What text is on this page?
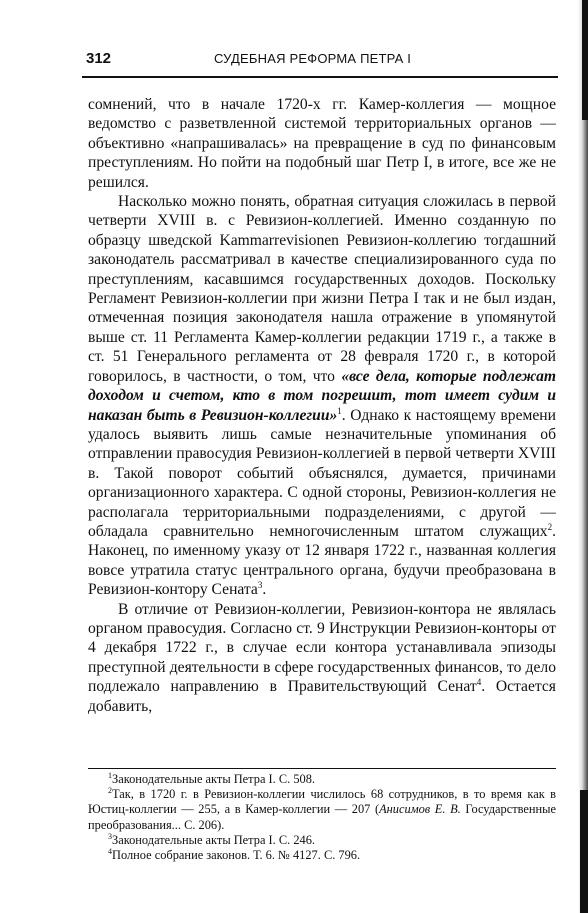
312	СУДЕБНАЯ РЕФОРМА ПЕТРА I

сомнений, что в начале 1720-х гг. Камер-коллегия — мощное ведомство с разветвленной системой территориальных органов — объективно «напрашивалась» на превращение в суд по финансовым преступлениям. Но пойти на подобный шаг Петр I, в итоге, все же не решился.

Насколько можно понять, обратная ситуация сложилась в первой четверти XVIII в. с Ревизион-коллегией. Именно созданную по образцу шведской Kammarrevisionen Ревизион-коллегию тогдашний законодатель рассматривал в качестве специализированного суда по преступлениям, касавшимся государственных доходов. Поскольку Регламент Ревизион-коллегии при жизни Петра I так и не был издан, отмеченная позиция законодателя нашла отражение в упомянутой выше ст. 11 Регламента Камер-коллегии редакции 1719 г., а также в ст. 51 Генерального регламента от 28 февраля 1720 г., в которой говорилось, в частности, о том, что «все дела, которые подлежат доходом и счетом, кто в том погрешит, тот имеет судим и наказан быть в Ревизион-коллегии»$^1$. Однако к настоящему времени удалось выявить лишь самые незначительные упоминания об отправлении правосудия Ревизион-коллегией в первой четверти XVIII в. Такой поворот событий объяснялся, думается, причинами организационного характера. С одной стороны, Ревизион-коллегия не располагала территориальными подразделениями, с другой — обладала сравнительно немногочисленным штатом служащих$^2$. Наконец, по именному указу от 12 января 1722 г., названная коллегия вовсе утратила статус центрального органа, будучи преобразована в Ревизион-контору Сената$^3$.

В отличие от Ревизион-коллегии, Ревизион-контора не являлась органом правосудия. Согласно ст. 9 Инструкции Ревизион-конторы от 4 декабря 1722 г., в случае если контора устанавливала эпизоды преступной деятельности в сфере государственных финансов, то дело подлежало направлению в Правительствующий Сенат$^4$. Остается добавить,

$^1$Законодательные акты Петра I. С. 508.

$^2$Так, в 1720 г. в Ревизион-коллегии числилось 68 сотрудников, в то время как в Юстиц-коллегии — 255, а в Камер-коллегии — 207 (Анисимов Е. В. Государственные преобразования... С. 206).

$^3$Законодательные акты Петра I. С. 246.

$^4$Полное собрание законов. Т. 6. № 4127. С. 796.
